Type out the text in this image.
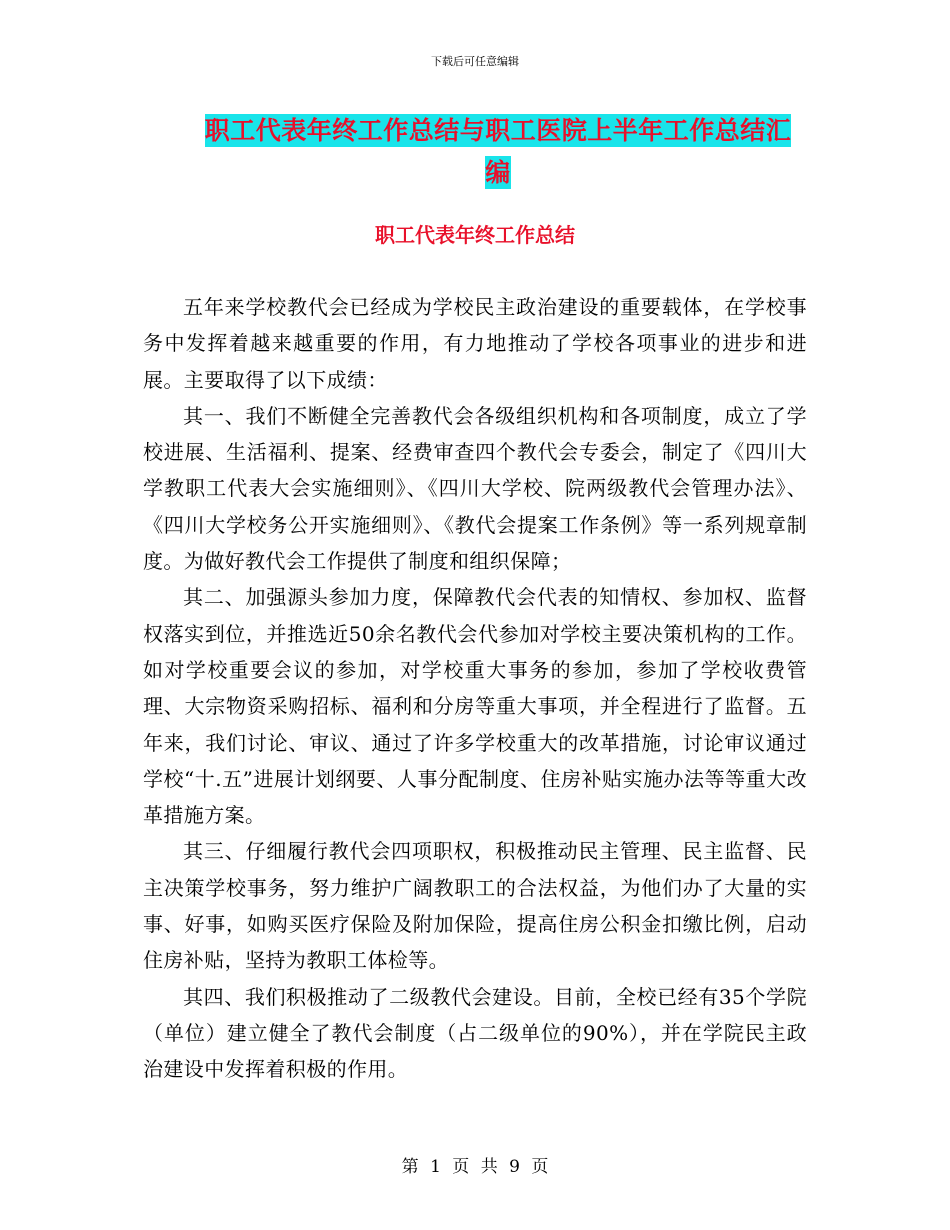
下载后可任意编辑
职工代表年终工作总结与职工医院上半年工作总结汇编
职工代表年终工作总结

五年来学校教代会已经成为学校民主政治建设的重要载体，在学校事务中发挥着越来越重要的作用，有力地推动了学校各项事业的进步和进展。主要取得了以下成绩：

其一、我们不断健全完善教代会各级组织机构和各项制度，成立了学校进展、生活福利、提案、经费审查四个教代会专委会，制定了《四川大学教职工代表大会实施细则》、《四川大学校、院两级教代会管理办法》、《四川大学校务公开实施细则》、《教代会提案工作条例》等一系列规章制度。为做好教代会工作提供了制度和组织保障；

其二、加强源头参加力度，保障教代会代表的知情权、参加权、监督权落实到位，并推选近50余名教代会代参加对学校主要决策机构的工作。如对学校重要会议的参加，对学校重大事务的参加，参加了学校收费管理、大宗物资采购招标、福利和分房等重大事项，并全程进行了监督。五年来，我们讨论、审议、通过了许多学校重大的改革措施，讨论审议通过学校“十.五”进展计划纲要、人事分配制度、住房补贴实施办法等等重大改革措施方案。

其三、仔细履行教代会四项职权，积极推动民主管理、民主监督、民主决策学校事务，努力维护广阔教职工的合法权益，为他们办了大量的实事、好事，如购买医疗保险及附加保险，提高住房公积金扣缴比例，启动住房补贴，坚持为教职工体检等。

其四、我们积极推动了二级教代会建设。目前，全校已经有35个学院（单位）建立健全了教代会制度（占二级单位的90%），并在学院民主政治建设中发挥着积极的作用。

第 1 页 共 9 页
